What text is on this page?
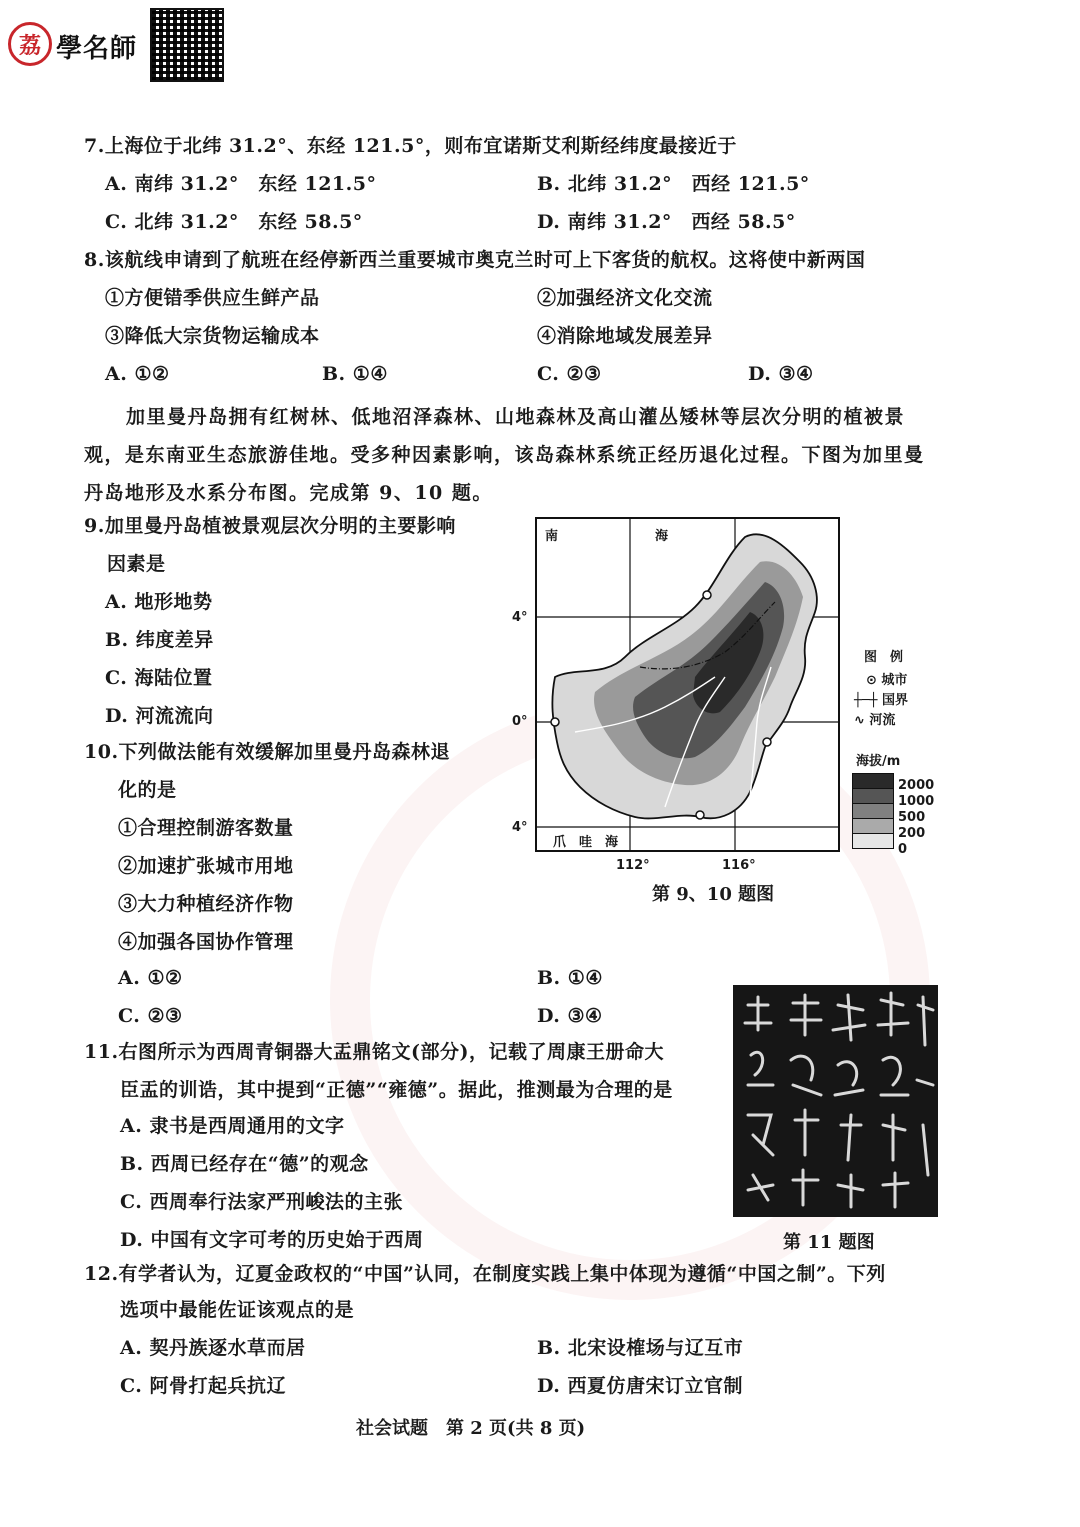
荔 學名師
7.上海位于北纬 31.2°、东经 121.5°，则布宜诺斯艾利斯经纬度最接近于
A. 南纬 31.2°　东经 121.5°	B. 北纬 31.2°　西经 121.5°
C. 北纬 31.2°　东经 58.5°	D. 南纬 31.2°　西经 58.5°
8.该航线申请到了航班在经停新西兰重要城市奥克兰时可上下客货的航权。这将使中新两国
①方便错季供应生鲜产品	②加强经济文化交流
③降低大宗货物运输成本	④消除地域发展差异
A. ①②	B. ①④	C. ②③	D. ③④
加里曼丹岛拥有红树林、低地沼泽森林、山地森林及高山灌丛矮林等层次分明的植被景观，是东南亚生态旅游佳地。受多种因素影响，该岛森林系统正经历退化过程。下图为加里曼丹岛地形及水系分布图。完成第 9、10 题。
9.加里曼丹岛植被景观层次分明的主要影响
因素是
A. 地形地势
B. 纬度差异
C. 海陆位置
D. 河流流向
10.下列做法能有效缓解加里曼丹岛森林退
化的是
①合理控制游客数量
②加速扩张城市用地
③大力种植经济作物
④加强各国协作管理
A. ①②	B. ①④
C. ②③	D. ③④
南	海
爪　哇　海
4°
0°
4°
112°	116°
第 9、10 题图
图　例
⊙ 城市
┼─┼ 国界
∿ 河流
海拔/m
2000
1000
500
200
0
11.右图所示为西周青铜器大盂鼎铭文(部分)，记载了周康王册命大
臣盂的训诰，其中提到“正德”“雍德”。据此，推测最为合理的是
A. 隶书是西周通用的文字
B. 西周已经存在“德”的观念
C. 西周奉行法家严刑峻法的主张
D. 中国有文字可考的历史始于西周	第 11 题图
12.有学者认为，辽夏金政权的“中国”认同，在制度实践上集中体现为遵循“中国之制”。下列
选项中最能佐证该观点的是
A. 契丹族逐水草而居	B. 北宋设榷场与辽互市
C. 阿骨打起兵抗辽	D. 西夏仿唐宋订立官制
社会试题　第 2 页(共 8 页)
